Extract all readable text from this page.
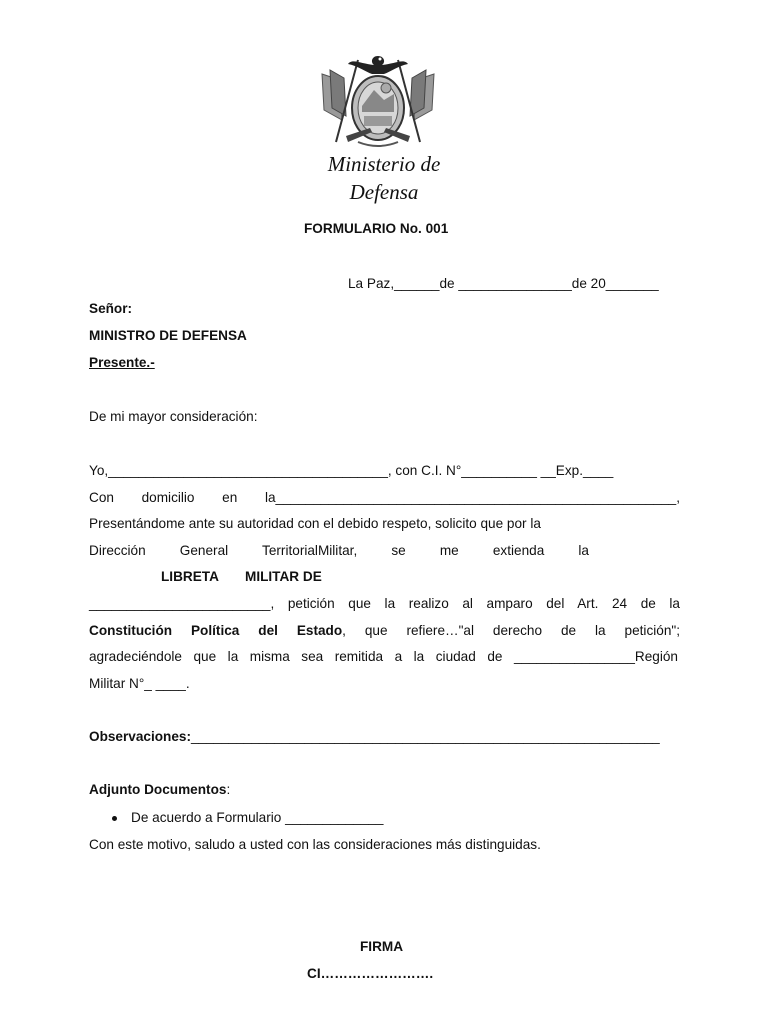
Ministerio de
Defensa
FORMULARIO No. 001
La Paz,______de _______________de 20_______
Señor:
MINISTRO DE DEFENSA
Presente.-
De mi mayor consideración:
Yo,_____________________________________, con C.I. N°__________ __Exp.____
Con domicilio en la_____________________________________________________,
Presentándome ante su autoridad con el debido respeto, solicito que por la
Dirección General TerritorialMilitar, se me extienda la
LIBRETA MILITAR DE
________________________, petición que la realizo al amparo del Art. 24 de la
Constitución Política del Estado, que refiere…"al derecho de la petición";
agradeciéndole que la misma sea remitida a la ciudad de ________________Región
Militar N°_ ____.
Observaciones:______________________________________________________________
Adjunto Documentos:
De acuerdo a Formulario _____________
Con este motivo, saludo a usted con las consideraciones más distinguidas.
FIRMA
CI…………………….
